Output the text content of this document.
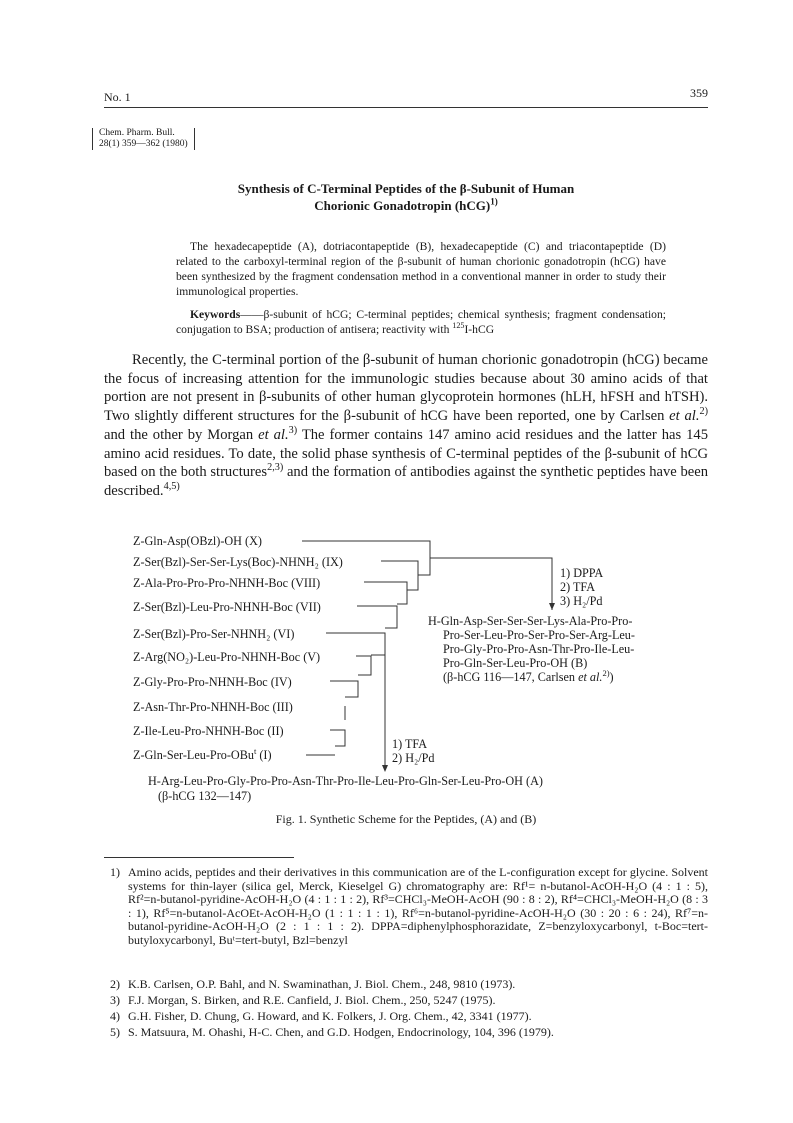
No. 1	359
Chem. Pharm. Bull.
28(1) 359—362 (1980)
Synthesis of C-Terminal Peptides of the β-Subunit of Human
Chorionic Gonadotropin (hCG)$^{1)}$
The hexadecapeptide (A), dotriacontapeptide (B), hexadecapeptide (C) and triacontapeptide (D) related to the carboxyl-terminal region of the β-subunit of human chorionic gonadotropin (hCG) have been synthesized by the fragment condensation method in a conventional manner in order to study their immunological properties.
Keywords——β-subunit of hCG; C-terminal peptides; chemical synthesis; fragment condensation; conjugation to BSA; production of antisera; reactivity with $^{125}$I-hCG
Recently, the C-terminal portion of the β-subunit of human chorionic gonadotropin (hCG) became the focus of increasing attention for the immunologic studies because about 30 amino acids of that portion are not present in β-subunits of other human glycoprotein hormones (hLH, hFSH and hTSH). Two slightly different structures for the β-subunit of hCG have been reported, one by Carlsen et al.$^{2)}$ and the other by Morgan et al.$^{3)}$ The former contains 147 amino acid residues and the latter has 145 amino acid residues. To date, the solid phase synthesis of C-terminal peptides of the β-subunit of hCG based on the both structures$^{2,3)}$ and the formation of antibodies against the synthetic peptides have been described.$^{4,5)}$
Z-Gln-Asp(OBzl)-OH (X)
Z-Ser(Bzl)-Ser-Ser-Lys(Boc)-NHNH₂ (IX)
Z-Ala-Pro-Pro-Pro-NHNH-Boc (VIII)
Z-Ser(Bzl)-Leu-Pro-NHNH-Boc (VII)
Z-Ser(Bzl)-Pro-Ser-NHNH₂ (VI)
Z-Arg(NO₂)-Leu-Pro-NHNH-Boc (V)
Z-Gly-Pro-Pro-NHNH-Boc (IV)
Z-Asn-Thr-Pro-NHNH-Boc (III)
Z-Ile-Leu-Pro-NHNH-Boc (II)
Z-Gln-Ser-Leu-Pro-OBu$^t$ (I)
1) DPPA
2) TFA
3) H₂/Pd
H-Gln-Asp-Ser-Ser-Ser-Lys-Ala-Pro-Pro-
Pro-Ser-Leu-Pro-Ser-Pro-Ser-Arg-Leu-
Pro-Gly-Pro-Pro-Asn-Thr-Pro-Ile-Leu-
Pro-Gln-Ser-Leu-Pro-OH (B)
(β-hCG 116—147, Carlsen et al.$^{2)}$)
1) TFA
2) H₂/Pd
H-Arg-Leu-Pro-Gly-Pro-Pro-Asn-Thr-Pro-Ile-Leu-Pro-Gln-Ser-Leu-Pro-OH (A)
(β-hCG 132—147)
Fig. 1. Synthetic Scheme for the Peptides, (A) and (B)
1) Amino acids, peptides and their derivatives in this communication are of the L-configuration except for glycine. Solvent systems for thin-layer (silica gel, Merck, Kieselgel G) chromatography are: Rf¹= n-butanol-AcOH-H₂O (4 : 1 : 5), Rf²=n-butanol-pyridine-AcOH-H₂O (4 : 1 : 1 : 2), Rf³=CHCl₃-MeOH-AcOH (90 : 8 : 2), Rf⁴=CHCl₃-MeOH-H₂O (8 : 3 : 1), Rf⁵=n-butanol-AcOEt-AcOH-H₂O (1 : 1 : 1 : 1), Rf⁶=n-butanol-pyridine-AcOH-H₂O (30 : 20 : 6 : 24), Rf⁷=n-butanol-pyridine-AcOH-H₂O (2 : 1 : 1 : 2). DPPA=diphenylphosphorazidate, Z=benzyloxycarbonyl, t-Boc=tert-butyloxycarbonyl, Buᵗ=tert-butyl, Bzl=benzyl
2) K.B. Carlsen, O.P. Bahl, and N. Swaminathan, J. Biol. Chem., 248, 9810 (1973).
3) F.J. Morgan, S. Birken, and R.E. Canfield, J. Biol. Chem., 250, 5247 (1975).
4) G.H. Fisher, D. Chung, G. Howard, and K. Folkers, J. Org. Chem., 42, 3341 (1977).
5) S. Matsuura, M. Ohashi, H-C. Chen, and G.D. Hodgen, Endocrinology, 104, 396 (1979).
